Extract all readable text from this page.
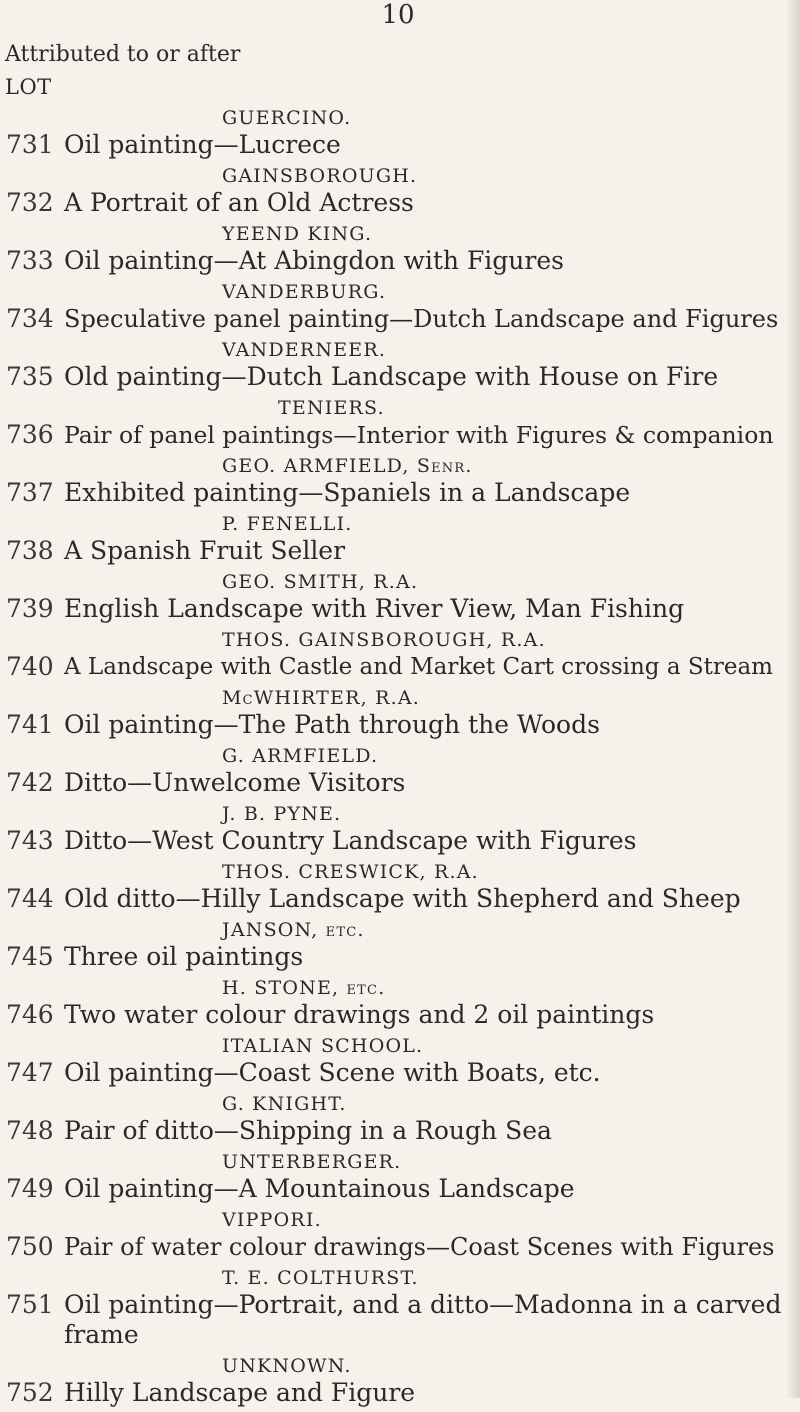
10
Attributed to or after
LOT
GUERCINO.
731 Oil painting—Lucrece
GAINSBOROUGH.
732 A Portrait of an Old Actress
YEEND KING.
733 Oil painting—At Abingdon with Figures
VANDERBURG.
734 Speculative panel painting—Dutch Landscape and Figures
VANDERNEER.
735 Old painting—Dutch Landscape with House on Fire
TENIERS.
736 Pair of panel paintings—Interior with Figures & companion
GEO. ARMFIELD, Senr.
737 Exhibited painting—Spaniels in a Landscape
P. FENELLI.
738 A Spanish Fruit Seller
GEO. SMITH, R.A.
739 English Landscape with River View, Man Fishing
THOS. GAINSBOROUGH, R.A.
740 A Landscape with Castle and Market Cart crossing a Stream
McWHIRTER, R.A.
741 Oil painting—The Path through the Woods
G. ARMFIELD.
742 Ditto—Unwelcome Visitors
J. B. PYNE.
743 Ditto—West Country Landscape with Figures
THOS. CRESWICK, R.A.
744 Old ditto—Hilly Landscape with Shepherd and Sheep
JANSON, etc.
745 Three oil paintings
H. STONE, etc.
746 Two water colour drawings and 2 oil paintings
ITALIAN SCHOOL.
747 Oil painting—Coast Scene with Boats, etc.
G. KNIGHT.
748 Pair of ditto—Shipping in a Rough Sea
UNTERBERGER.
749 Oil painting—A Mountainous Landscape
VIPPORI.
750 Pair of water colour drawings—Coast Scenes with Figures
T. E. COLTHURST.
751 Oil painting—Portrait, and a ditto—Madonna in a carved
frame
UNKNOWN.
752 Hilly Landscape and Figure
